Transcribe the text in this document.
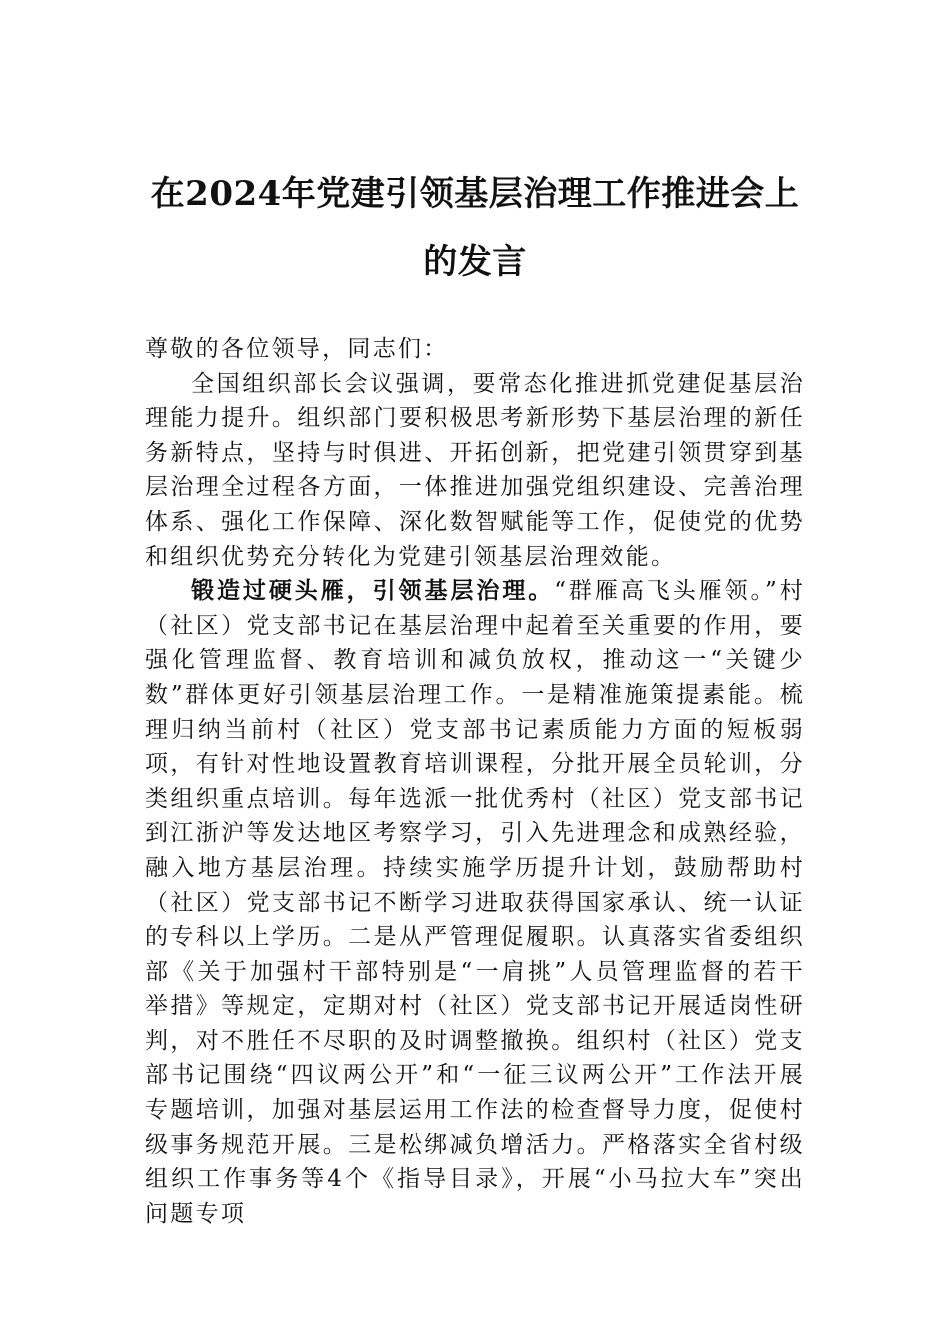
在2024年党建引领基层治理工作推进会上
的发言

尊敬的各位领导，同志们：

全国组织部长会议强调，要常态化推进抓党建促基层治理能力提升。组织部门要积极思考新形势下基层治理的新任务新特点，坚持与时俱进、开拓创新，把党建引领贯穿到基层治理全过程各方面，一体推进加强党组织建设、完善治理体系、强化工作保障、深化数智赋能等工作，促使党的优势和组织优势充分转化为党建引领基层治理效能。

锻造过硬头雁，引领基层治理。“群雁高飞头雁领。”村（社区）党支部书记在基层治理中起着至关重要的作用，要强化管理监督、教育培训和减负放权，推动这一“关键少数”群体更好引领基层治理工作。一是精准施策提素能。梳理归纳当前村（社区）党支部书记素质能力方面的短板弱项，有针对性地设置教育培训课程，分批开展全员轮训，分类组织重点培训。每年选派一批优秀村（社区）党支部书记到江浙沪等发达地区考察学习，引入先进理念和成熟经验，融入地方基层治理。持续实施学历提升计划，鼓励帮助村（社区）党支部书记不断学习进取获得国家承认、统一认证的专科以上学历。二是从严管理促履职。认真落实省委组织部《关于加强村干部特别是“一肩挑”人员管理监督的若干举措》等规定，定期对村（社区）党支部书记开展适岗性研判，对不胜任不尽职的及时调整撤换。组织村（社区）党支部书记围绕“四议两公开”和“一征三议两公开”工作法开展专题培训，加强对基层运用工作法的检查督导力度，促使村级事务规范开展。三是松绑减负增活力。严格落实全省村级组织工作事务等4个《指导目录》，开展“小马拉大车”突出问题专项
